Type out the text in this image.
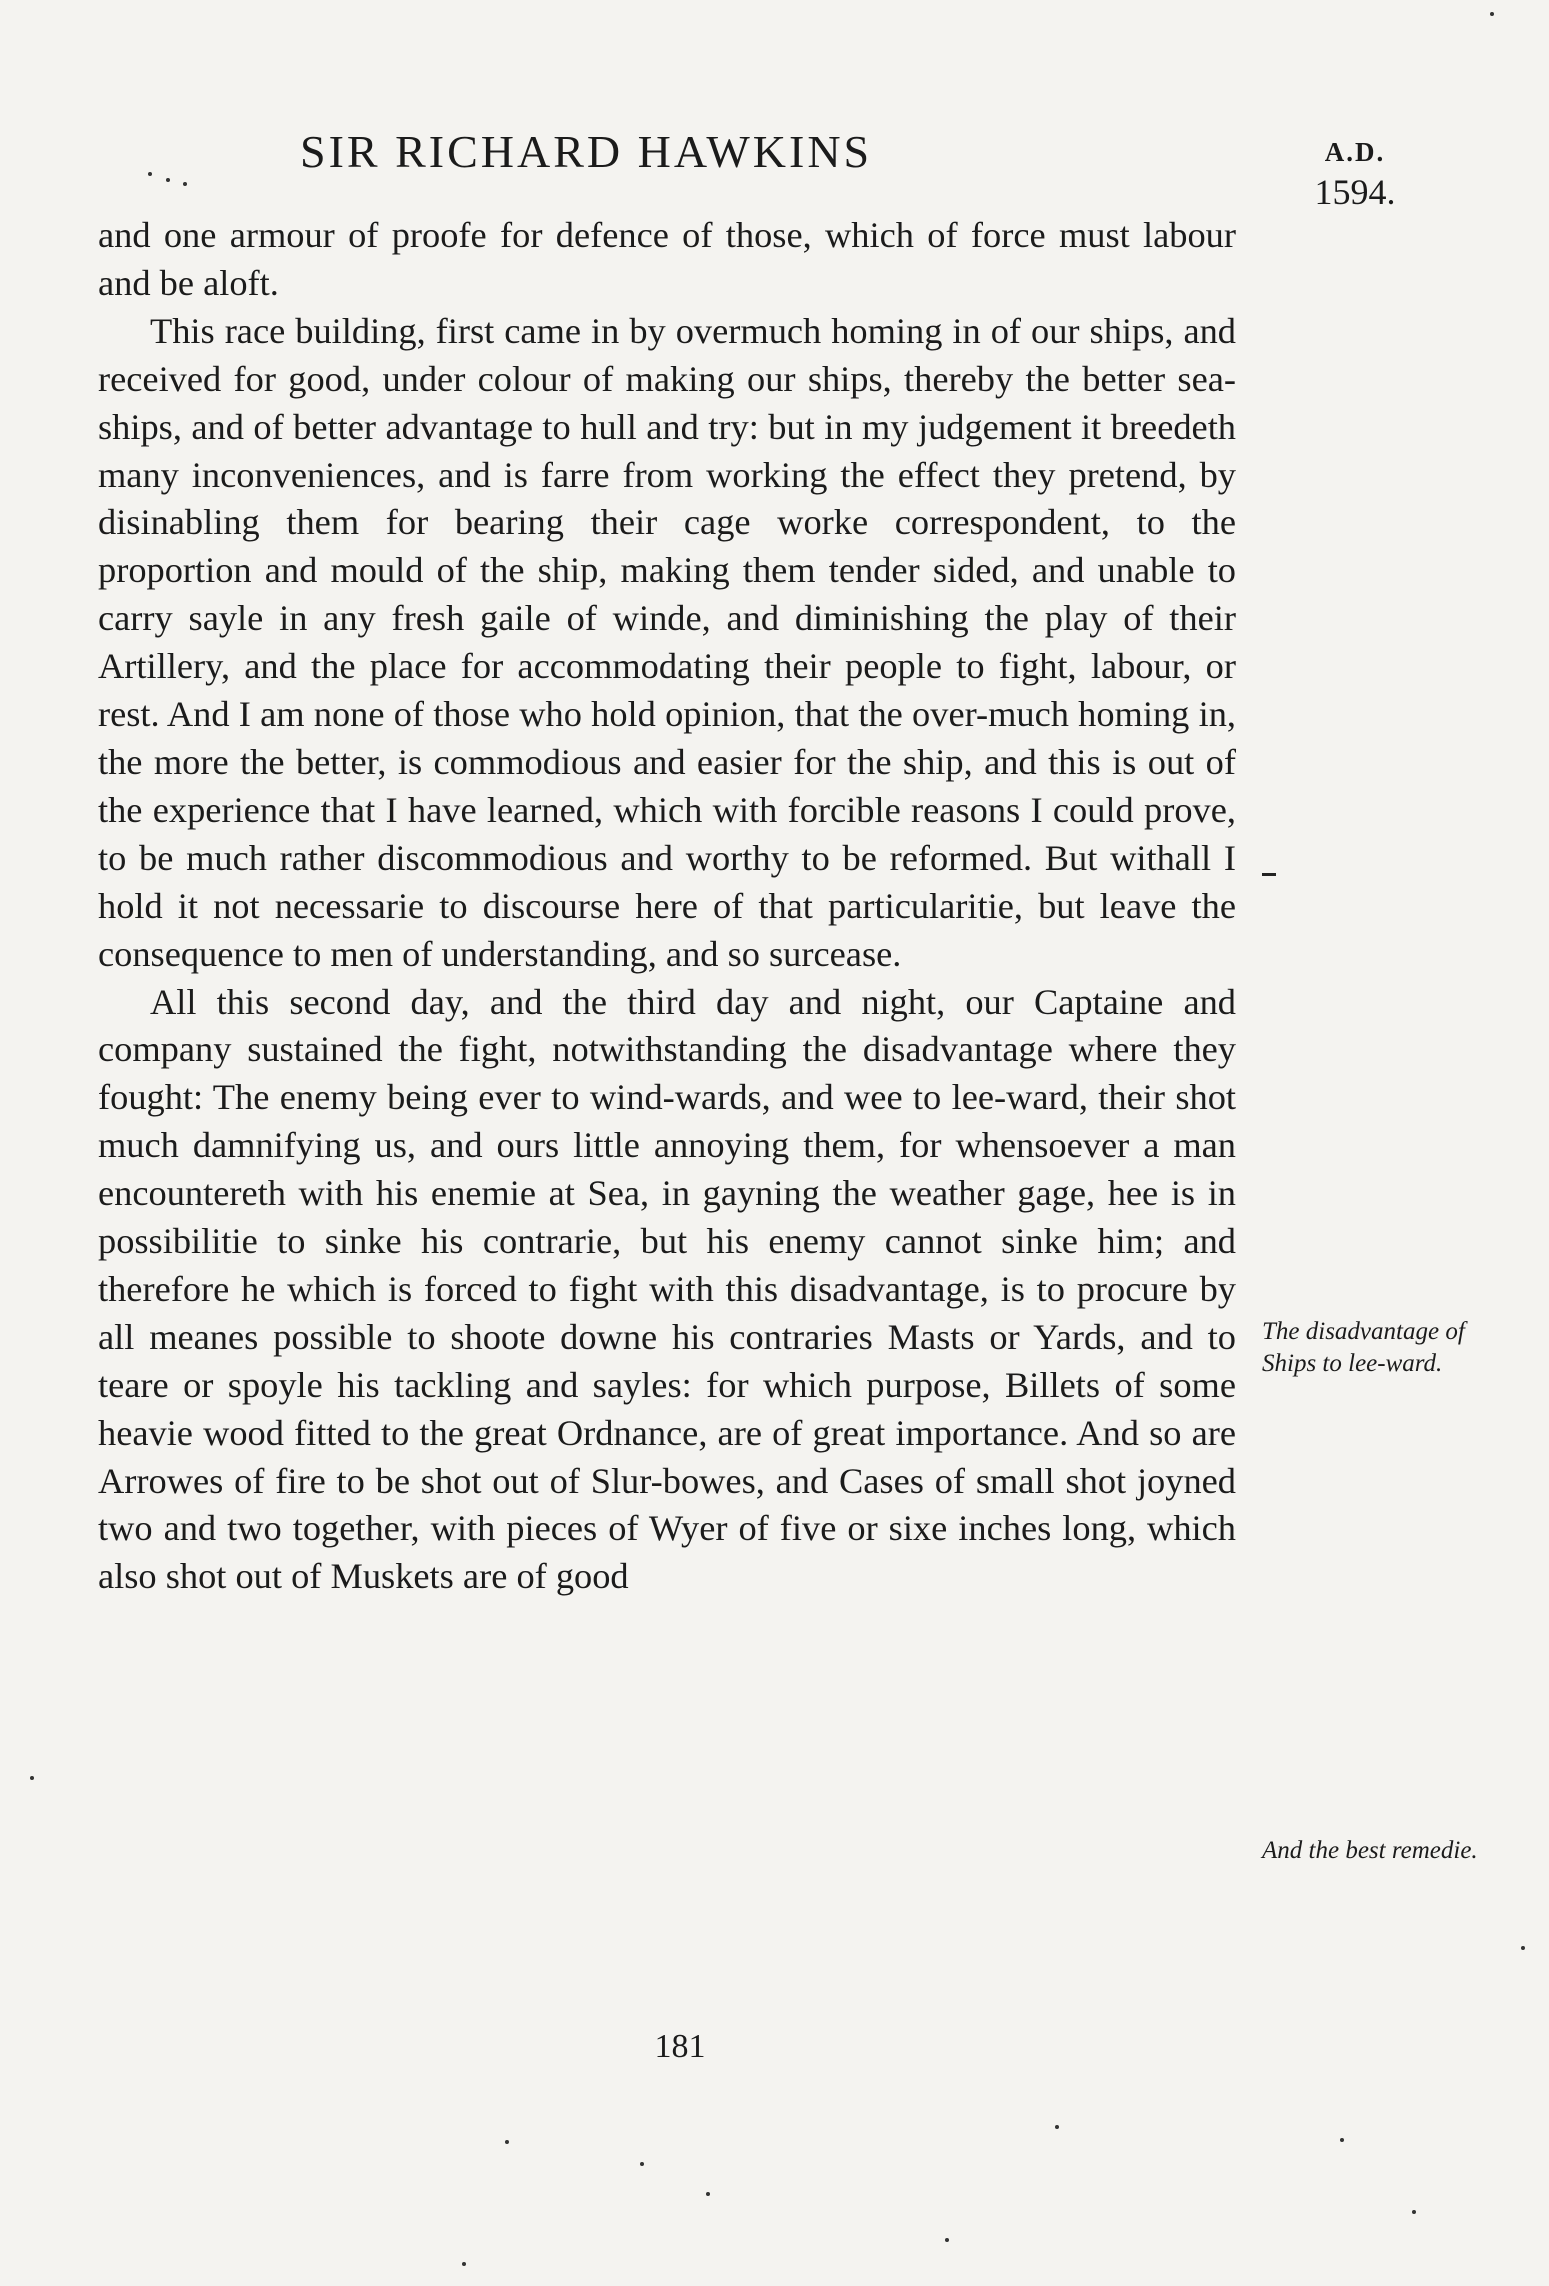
SIR RICHARD HAWKINS	A.D.
1594.

and one armour of proofe for defence of those, which of force must labour and be aloft.

This race building, first came in by overmuch homing in of our ships, and received for good, under colour of making our ships, thereby the better sea-ships, and of better advantage to hull and try: but in my judgement it breedeth many inconveniences, and is farre from working the effect they pretend, by disinabling them for bearing their cage worke correspondent, to the proportion and mould of the ship, making them tender sided, and unable to carry sayle in any fresh gaile of winde, and diminishing the play of their Artillery, and the place for accommodating their people to fight, labour, or rest. And I am none of those who hold opinion, that the over-much homing in, the more the better, is commodious and easier for the ship, and this is out of the experience that I have learned, which with forcible reasons I could prove, to be much rather discommodious and worthy to be reformed. But withall I hold it not necessarie to discourse here of that particularitie, but leave the consequence to men of understanding, and so surcease.

All this second day, and the third day and night, our Captaine and company sustained the fight, notwithstanding the disadvantage where they fought: The enemy being ever to wind-wards, and wee to lee-ward, their shot much damnifying us, and ours little annoying them, for whensoever a man encountereth with his enemie at Sea, in gayning the weather gage, hee is in possibilitie to sinke his contrarie, but his enemy cannot sinke him; and therefore he which is forced to fight with this disadvantage, is to procure by all meanes possible to shoote downe his contraries Masts or Yards, and to teare or spoyle his tackling and sayles: for which purpose, Billets of some heavie wood fitted to the great Ordnance, are of great importance. And so are Arrowes of fire to be shot out of Slur-bowes, and Cases of small shot joyned two and two together, with pieces of Wyer of five or sixe inches long, which also shot out of Muskets are of good

The disadvantage of Ships to lee-ward.
And the best remedie.
181
